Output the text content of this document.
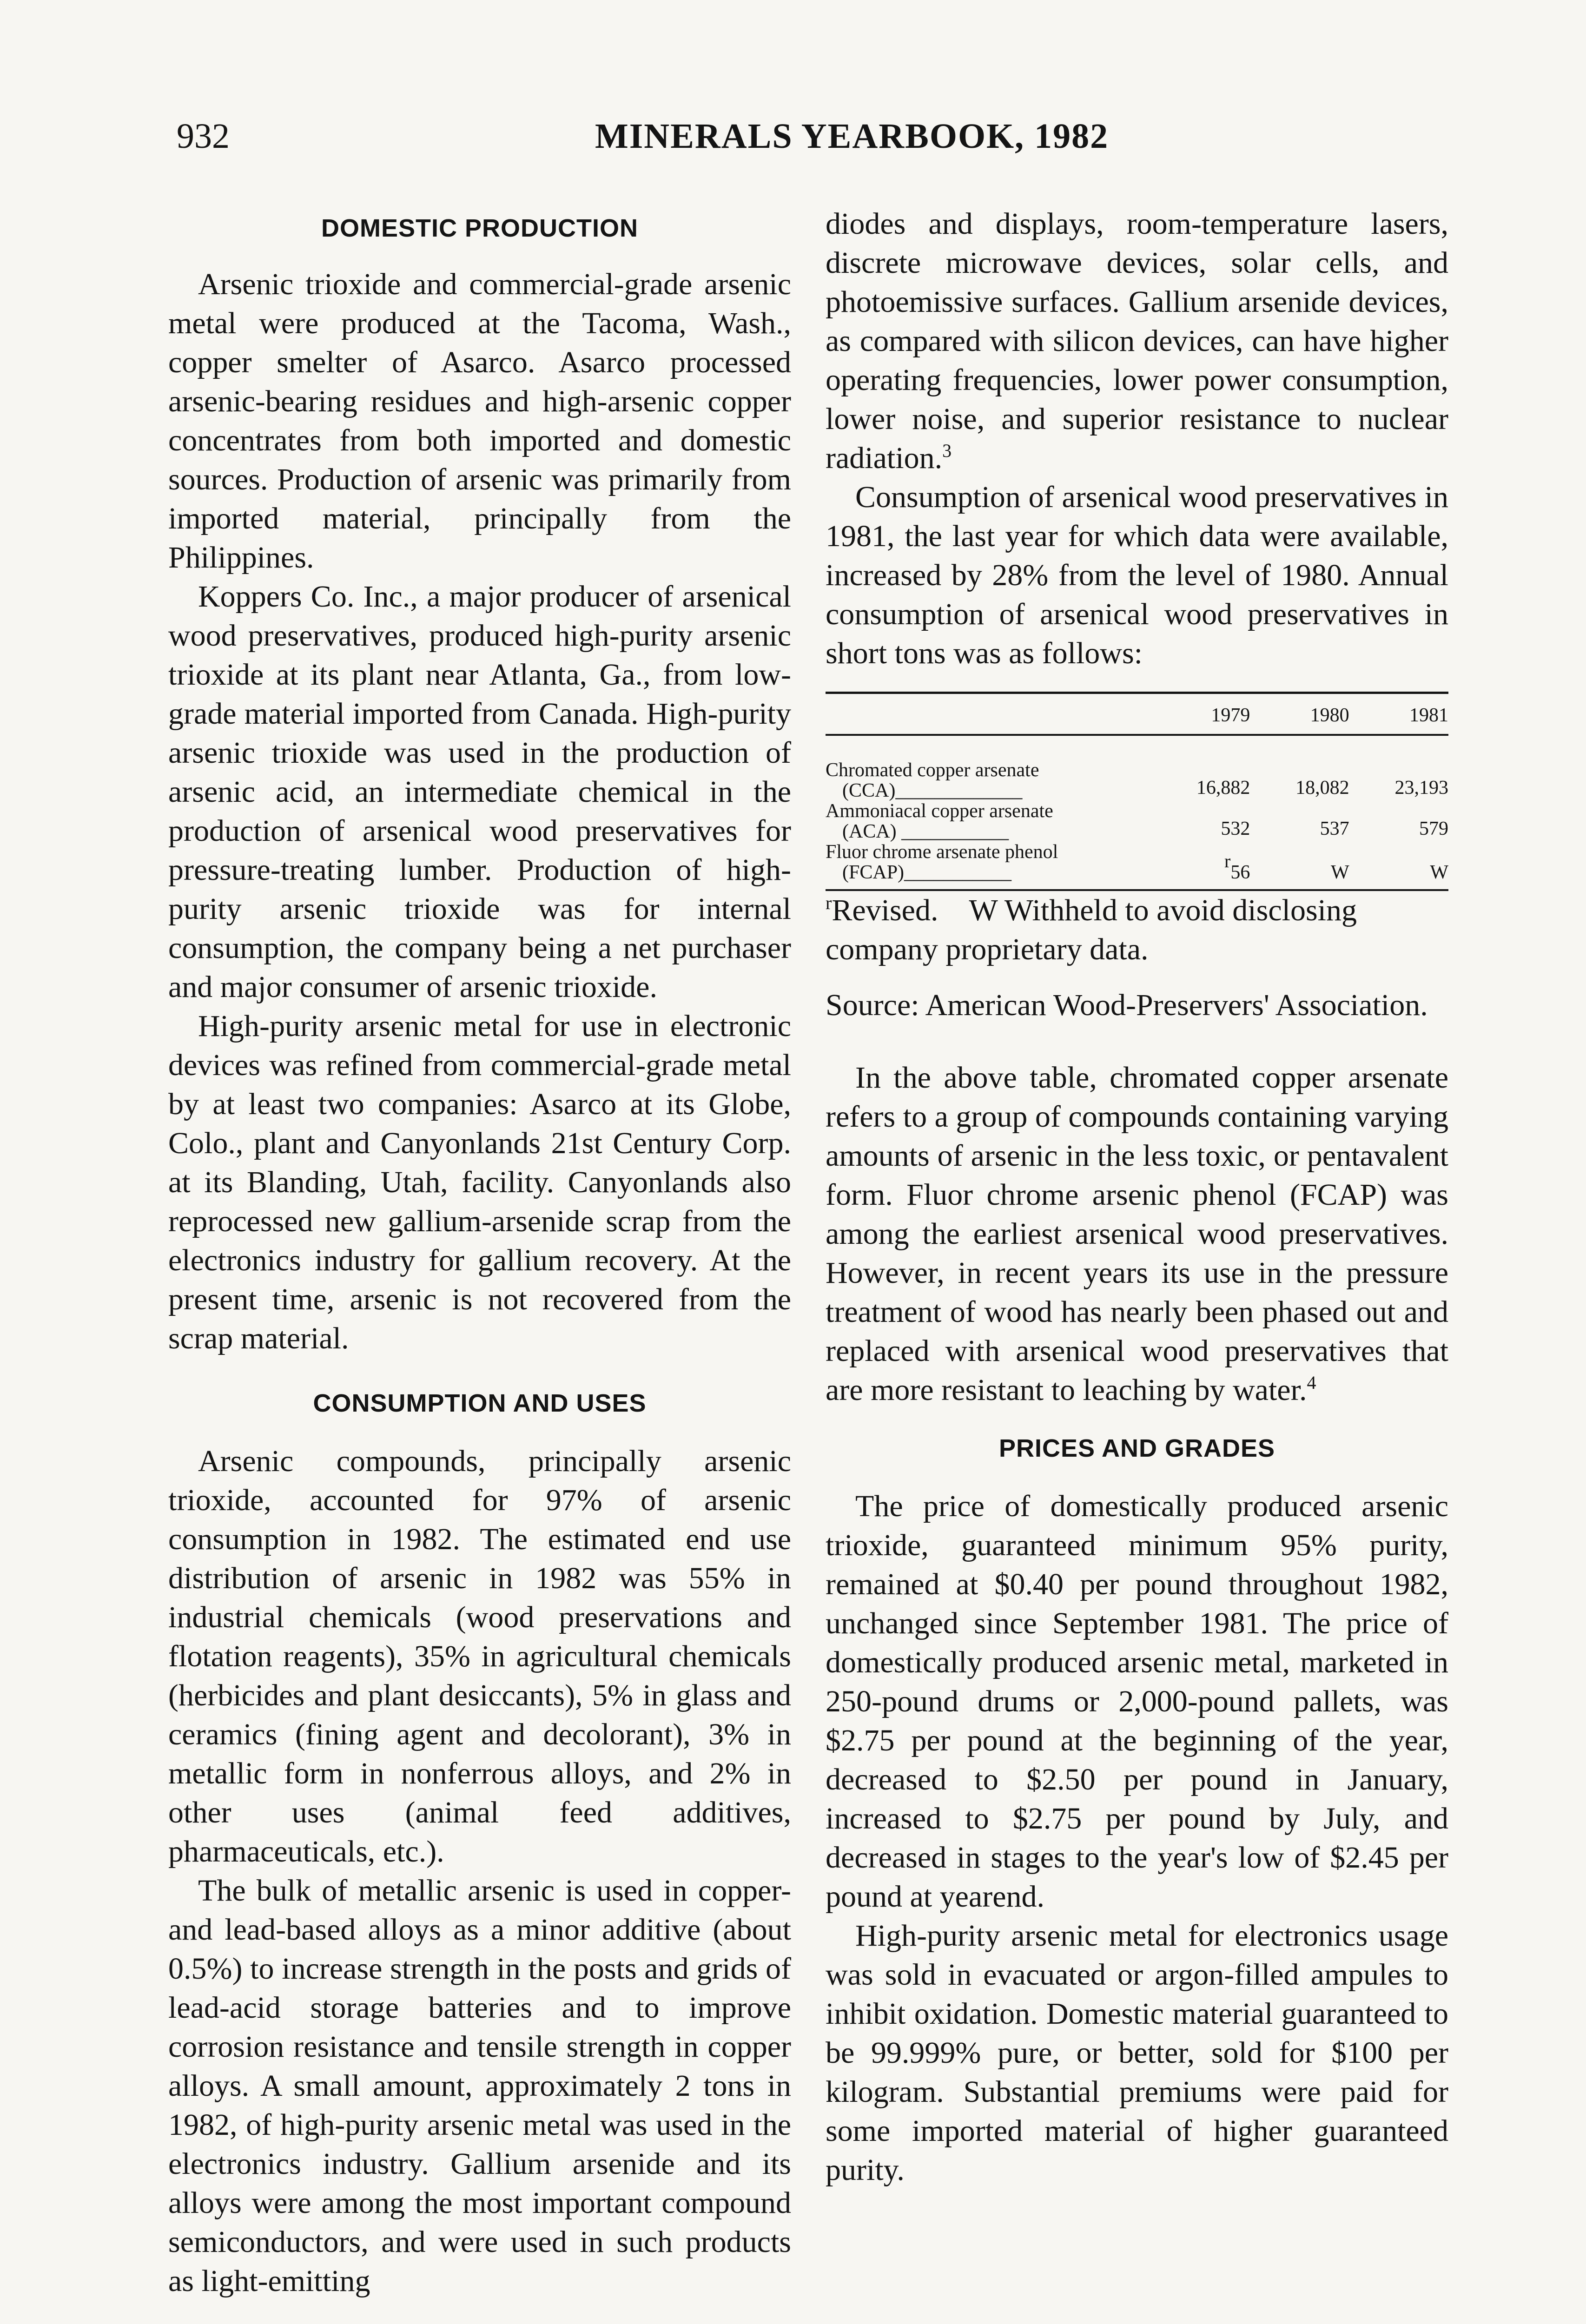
932	MINERALS YEARBOOK, 1982
DOMESTIC PRODUCTION

Arsenic trioxide and commercial-grade arsenic metal were produced at the Tacoma, Wash., copper smelter of Asarco. Asarco processed arsenic-bearing residues and high-arsenic copper concentrates from both imported and domestic sources. Production of arsenic was primarily from imported material, principally from the Philippines.

Koppers Co. Inc., a major producer of arsenical wood preservatives, produced high-purity arsenic trioxide at its plant near Atlanta, Ga., from low-grade material imported from Canada. High-purity arsenic trioxide was used in the production of arsenic acid, an intermediate chemical in the production of arsenical wood preservatives for pressure-treating lumber. Production of high-purity arsenic trioxide was for internal consumption, the company being a net purchaser and major consumer of arsenic trioxide.

High-purity arsenic metal for use in electronic devices was refined from commercial-grade metal by at least two companies: Asarco at its Globe, Colo., plant and Canyonlands 21st Century Corp. at its Blanding, Utah, facility. Canyonlands also reprocessed new gallium-arsenide scrap from the electronics industry for gallium recovery. At the present time, arsenic is not recovered from the scrap material.

CONSUMPTION AND USES

Arsenic compounds, principally arsenic trioxide, accounted for 97% of arsenic consumption in 1982. The estimated end use distribution of arsenic in 1982 was 55% in industrial chemicals (wood preservations and flotation reagents), 35% in agricultural chemicals (herbicides and plant desiccants), 5% in glass and ceramics (fining agent and decolorant), 3% in metallic form in nonferrous alloys, and 2% in other uses (animal feed additives, pharmaceuticals, etc.).

The bulk of metallic arsenic is used in copper- and lead-based alloys as a minor additive (about 0.5%) to increase strength in the posts and grids of lead-acid storage batteries and to improve corrosion resistance and tensile strength in copper alloys. A small amount, approximately 2 tons in 1982, of high-purity arsenic metal was used in the electronics industry. Gallium arsenide and its alloys were among the most important compound semiconductors, and were used in such products as light-emitting

diodes and displays, room-temperature lasers, discrete microwave devices, solar cells, and photoemissive surfaces. Gallium arsenide devices, as compared with silicon devices, can have higher operating frequencies, lower power consumption, lower noise, and superior resistance to nuclear radiation.$^3$

Consumption of arsenical wood preservatives in 1981, the last year for which data were available, increased by 28% from the level of 1980. Annual consumption of arsenical wood preservatives in short tons was as follows:

	1979	1980	1981

Chromated copper arsenate
(CCA)_____________	16,882	18,082	23,193

Ammoniacal copper arsenate
(ACA) ___________	532	537	579

Fluor chrome arsenate phenol
(FCAP)___________	$^r$56	W	W

$^r$Revised. W Withheld to avoid disclosing company proprietary data.

Source: American Wood-Preservers' Association.

In the above table, chromated copper arsenate refers to a group of compounds containing varying amounts of arsenic in the less toxic, or pentavalent form. Fluor chrome arsenic phenol (FCAP) was among the earliest arsenical wood preservatives. However, in recent years its use in the pressure treatment of wood has nearly been phased out and replaced with arsenical wood preservatives that are more resistant to leaching by water.$^4$

PRICES AND GRADES

The price of domestically produced arsenic trioxide, guaranteed minimum 95% purity, remained at $0.40 per pound throughout 1982, unchanged since September 1981. The price of domestically produced arsenic metal, marketed in 250-pound drums or 2,000-pound pallets, was $2.75 per pound at the beginning of the year, decreased to $2.50 per pound in January, increased to $2.75 per pound by July, and decreased in stages to the year's low of $2.45 per pound at yearend.

High-purity arsenic metal for electronics usage was sold in evacuated or argon-filled ampules to inhibit oxidation. Domestic material guaranteed to be 99.999% pure, or better, sold for $100 per kilogram. Substantial premiums were paid for some imported material of higher guaranteed purity.
